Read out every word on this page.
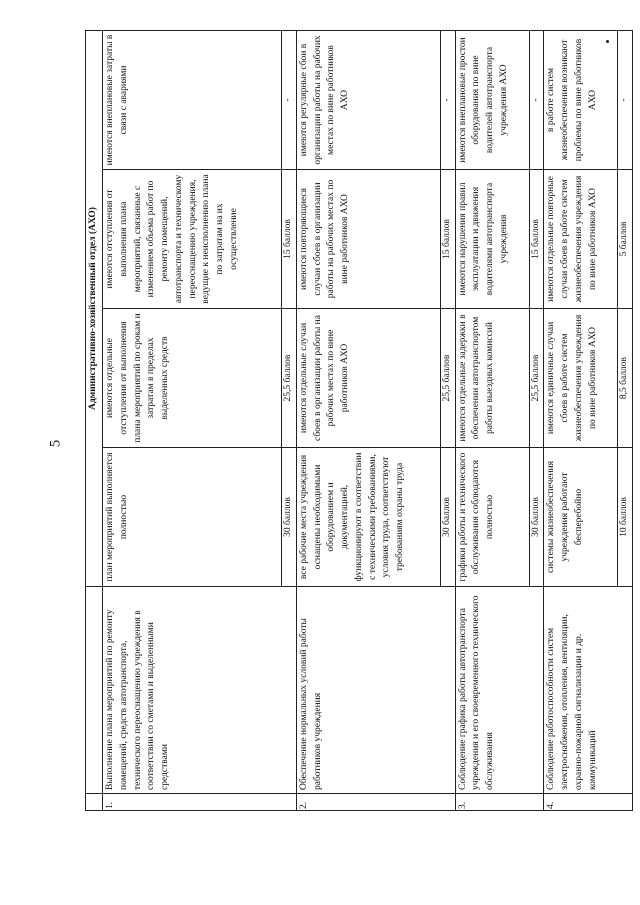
5
		Административно-хозяйственный отдел (АХО)			
1.	Выполнение плана мероприятий по ремонту помещений, средств автотранспорта, технического переоснащению учреждения в соответствии со сметами и выделенными средствами	план мероприятий выполняется полностью	имеются отдельные отступления от выполнения плана мероприятий по срокам и затратам в пределах выделенных средств	имеются отступления от выполнения плана мероприятий, связанные с изменением объема работ по ремонту помещений, автотранспорта и техническому переоснащению учреждения, ведущие к неисполнению плана по затратам на их осуществление	имеются внеплановые затраты в связи с авариями
		30 баллов	25,5 баллов	15 баллов	-
2.	Обеспечение нормальных условий работы работников учреждения	все рабочие места учреждения оснащены необходимыми оборудованием и документацией, функционируют в соответствии с техническими требованиями, условия труда, соответствуют требованиям охраны труда	имеются отдельные случаи сбоев в организации работы на рабочих местах по вине работников АХО	имеются повторяющиеся случаи сбоев в организации работы на рабочих местах по вине работников АХО	имеются регулярные сбои в организации работы на рабочих местах по вине работников АХО
		30 баллов	25,5 баллов	15 баллов	-
3.	Соблюдение графика работы автотранспорта учреждения и его своевременного технического обслуживания	графики работы и технического обслуживания соблюдаются полностью	имеются отдельные задержки в обеспечении автотранспортом работы выездных комиссий	имеются нарушения правил эксплуатации и движения водителями автотранспорта учреждения	имеются внеплановые простои оборудования по вине водителей автотранспорта учреждения АХО
		30 баллов	25,5 баллов	15 баллов	-
4.	Соблюдение работоспособности систем электроснабжения, отопления, вентиляции, охранно-пожарной сигнализации и др. коммуникаций	системы жизнеобеспечения учреждения работают бесперебойно	имеются единичные случаи сбоев в работе систем жизнеобеспечения учреждения по вине работников АХО	имеются отдельные повторные случаи сбоев в работе систем жизнеобеспечения учреждения по вине работников АХО	в работе систем жизнеобеспечения возникают проблемы по вине работников АХО
		10 баллов	8,5 баллов	5 баллов	-
